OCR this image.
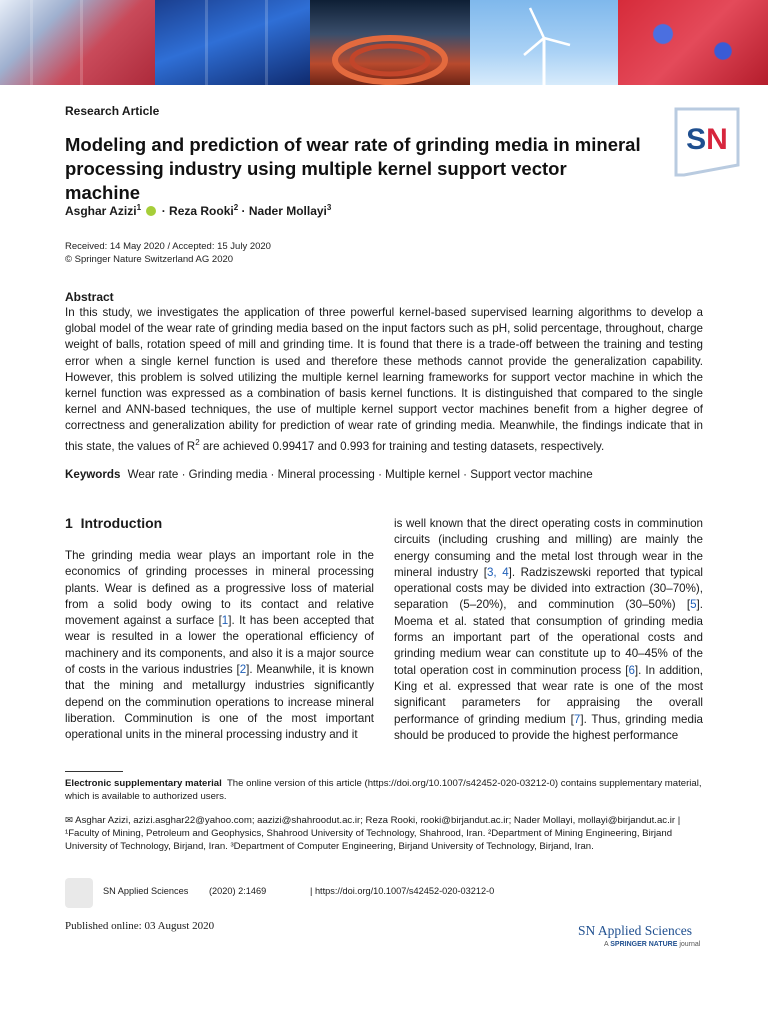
Research Article
Modeling and prediction of wear rate of grinding media in mineral processing industry using multiple kernel support vector machine
SN
Asghar Azizi$^1$  · Reza Rooki$^2$ · Nader Mollayi$^3$
Received: 14 May 2020 / Accepted: 15 July 2020
© Springer Nature Switzerland AG 2020
Abstract
In this study, we investigates the application of three powerful kernel-based supervised learning algorithms to develop a global model of the wear rate of grinding media based on the input factors such as pH, solid percentage, throughout, charge weight of balls, rotation speed of mill and grinding time. It is found that there is a trade-off between the training and testing error when a single kernel function is used and therefore these methods cannot provide the generalization capability. However, this problem is solved utilizing the multiple kernel learning frameworks for support vector machine in which the kernel function was expressed as a combination of basis kernel functions. It is distinguished that compared to the single kernel and ANN-based techniques, the use of multiple kernel support vector machines benefit from a higher degree of correctness and generalization ability for prediction of wear rate of grinding media. Meanwhile, the findings indicate that in this state, the values of $R^2$ are achieved 0.99417 and 0.993 for training and testing datasets, respectively.
Keywords Wear rate · Grinding media · Mineral processing · Multiple kernel · Support vector machine
1 Introduction
The grinding media wear plays an important role in the economics of grinding processes in mineral processing plants. Wear is defined as a progressive loss of material from a solid body owing to its contact and relative movement against a surface [1]. It has been accepted that wear is resulted in a lower the operational efficiency of machinery and its components, and also it is a major source of costs in the various industries [2]. Meanwhile, it is known that the mining and metallurgy industries significantly depend on the comminution operations to increase mineral liberation. Comminution is one of the most important operational units in the mineral processing industry and it
is well known that the direct operating costs in comminution circuits (including crushing and milling) are mainly the energy consuming and the metal lost through wear in the mineral industry [3, 4]. Radziszewski reported that typical operational costs may be divided into extraction (30–70%), separation (5–20%), and comminution (30–50%) [5]. Moema et al. stated that consumption of grinding media forms an important part of the operational costs and grinding medium wear can constitute up to 40–45% of the total operation cost in comminution process [6]. In addition, King et al. expressed that wear rate is one of the most significant parameters for appraising the overall performance of grinding medium [7]. Thus, grinding media should be produced to provide the highest performance
Electronic supplementary material The online version of this article (https://doi.org/10.1007/s42452-020-03212-0) contains supplementary material, which is available to authorized users.
✉ Asghar Azizi, azizi.asghar22@yahoo.com; aazizi@shahroodut.ac.ir; Reza Rooki, rooki@birjandut.ac.ir; Nader Mollayi, mollayi@birjandut.ac.ir | ¹Faculty of Mining, Petroleum and Geophysics, Shahrood University of Technology, Shahrood, Iran. ²Department of Mining Engineering, Birjand University of Technology, Birjand, Iran. ³Department of Computer Engineering, Birjand University of Technology, Birjand, Iran.
SN Applied Sciences (2020) 2:1469	| https://doi.org/10.1007/s42452-020-03212-0
Published online: 03 August 2020	SN Applied Sciences
A SPRINGER NATURE journal
